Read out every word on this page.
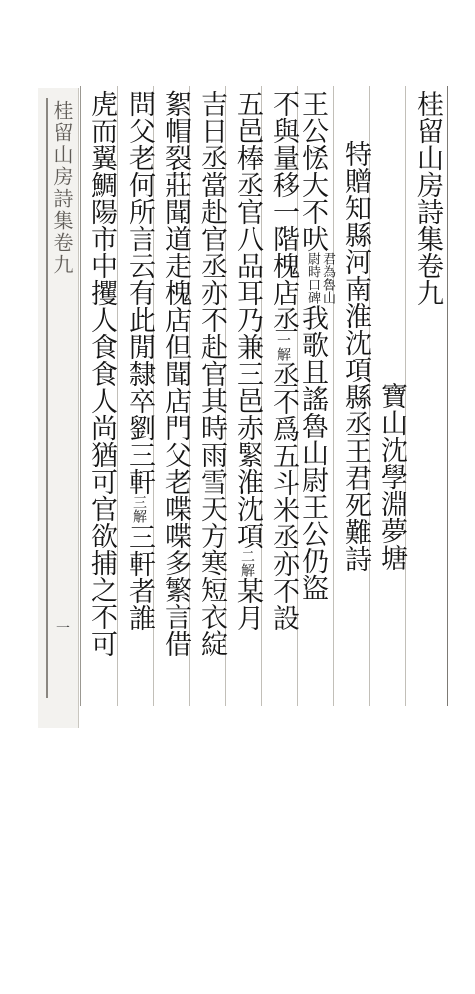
桂留山房詩集卷九
一
桂留山房詩集卷九
寶山沈學淵夢塘
特贈知縣河南淮沈項縣丞王君死難詩
王公恡大不吠君為魯山
尉時口碑我歌且謠魯山尉王公仍盜
不與量移一階槐店丞一解丞不爲五斗米丞亦不設
五邑棒丞官八品耳乃兼三邑赤緊淮沈項二解某月
吉日丞當赴官丞亦不赴官其時雨雪天方寒短衣綻
絮帽裂莊聞道走槐店但聞店門父老喋喋多繁言借
問父老何所言云有此閒隸卒劉三軒三解三軒者誰
虎而翼鯛陽市中攫人食食人尚猶可官欲捕之不可
